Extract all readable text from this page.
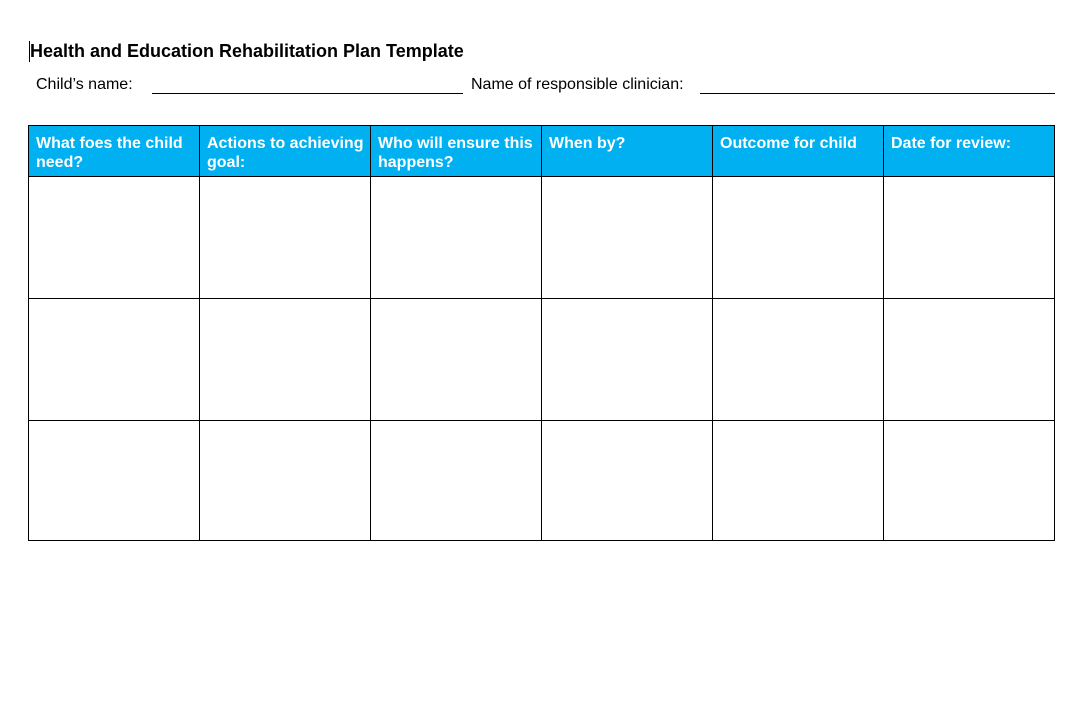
Health and Education Rehabilitation Plan Template
Child’s name:	Name of responsible clinician:
What foes the child need?	Actions to achieving goal:	Who will ensure this happens?	When by?	Outcome for child	Date for review:
